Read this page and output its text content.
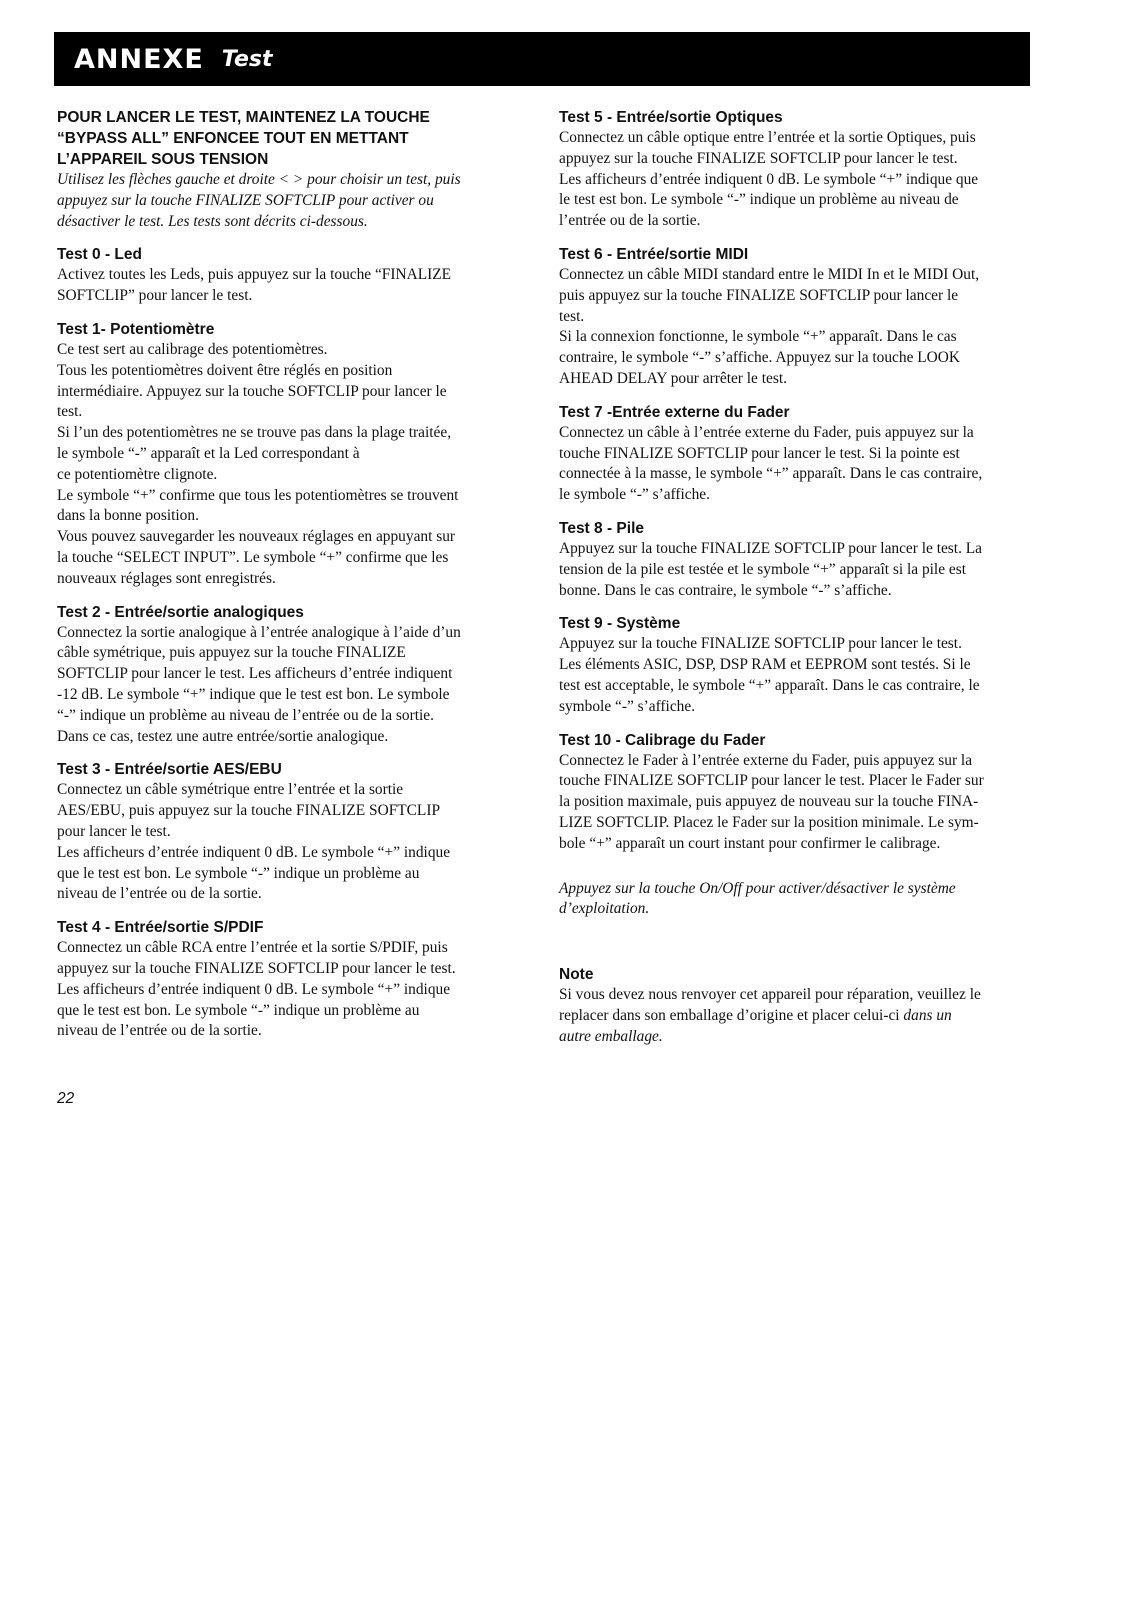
ANNEXE Test
POUR LANCER LE TEST, MAINTENEZ LA TOUCHE
“BYPASS ALL” ENFONCEE TOUT EN METTANT
L’APPAREIL SOUS TENSION

Utilisez les flèches gauche et droite < > pour choisir un test, puis
appuyez sur la touche FINALIZE SOFTCLIP pour activer ou
désactiver le test. Les tests sont décrits ci-dessous.

Test 0 - Led

Activez toutes les Leds, puis appuyez sur la touche “FINALIZE
SOFTCLIP” pour lancer le test.

Test 1- Potentiomètre

Ce test sert au calibrage des potentiomètres.
Tous les potentiomètres doivent être réglés en position
intermédiaire. Appuyez sur la touche SOFTCLIP pour lancer le
test.
Si l’un des potentiomètres ne se trouve pas dans la plage traitée,
le symbole “-” apparaît et la Led correspondant à
ce potentiomètre clignote.
Le symbole “+” confirme que tous les potentiomètres se trouvent
dans la bonne position.
Vous pouvez sauvegarder les nouveaux réglages en appuyant sur
la touche “SELECT INPUT”. Le symbole “+” confirme que les
nouveaux réglages sont enregistrés.

Test 2 - Entrée/sortie analogiques

Connectez la sortie analogique à l’entrée analogique à l’aide d’un
câble symétrique, puis appuyez sur la touche FINALIZE
SOFTCLIP pour lancer le test. Les afficheurs d’entrée indiquent
-12 dB. Le symbole “+” indique que le test est bon. Le symbole
“-” indique un problème au niveau de l’entrée ou de la sortie.
Dans ce cas, testez une autre entrée/sortie analogique.

Test 3 - Entrée/sortie AES/EBU

Connectez un câble symétrique entre l’entrée et la sortie
AES/EBU, puis appuyez sur la touche FINALIZE SOFTCLIP
pour lancer le test.
Les afficheurs d’entrée indiquent 0 dB. Le symbole “+” indique
que le test est bon. Le symbole “-” indique un problème au
niveau de l’entrée ou de la sortie.

Test 4 - Entrée/sortie S/PDIF

Connectez un câble RCA entre l’entrée et la sortie S/PDIF, puis
appuyez sur la touche FINALIZE SOFTCLIP pour lancer le test.
Les afficheurs d’entrée indiquent 0 dB. Le symbole “+” indique
que le test est bon. Le symbole “-” indique un problème au
niveau de l’entrée ou de la sortie.

Test 5 - Entrée/sortie Optiques

Connectez un câble optique entre l’entrée et la sortie Optiques, puis
appuyez sur la touche FINALIZE SOFTCLIP pour lancer le test.
Les afficheurs d’entrée indiquent 0 dB. Le symbole “+” indique que
le test est bon. Le symbole “-” indique un problème au niveau de
l’entrée ou de la sortie.

Test 6 - Entrée/sortie MIDI

Connectez un câble MIDI standard entre le MIDI In et le MIDI Out,
puis appuyez sur la touche FINALIZE SOFTCLIP pour lancer le
test.
Si la connexion fonctionne, le symbole “+” apparaît. Dans le cas
contraire, le symbole “-” s’affiche. Appuyez sur la touche LOOK
AHEAD DELAY pour arrêter le test.

Test 7 -Entrée externe du Fader

Connectez un câble à l’entrée externe du Fader, puis appuyez sur la
touche FINALIZE SOFTCLIP pour lancer le test. Si la pointe est
connectée à la masse, le symbole “+” apparaît. Dans le cas contraire,
le symbole “-” s’affiche.

Test 8 - Pile

Appuyez sur la touche FINALIZE SOFTCLIP pour lancer le test. La
tension de la pile est testée et le symbole “+” apparaît si la pile est
bonne. Dans le cas contraire, le symbole “-” s’affiche.

Test 9 - Système

Appuyez sur la touche FINALIZE SOFTCLIP pour lancer le test.
Les éléments ASIC, DSP, DSP RAM et EEPROM sont testés. Si le
test est acceptable, le symbole “+” apparaît. Dans le cas contraire, le
symbole “-” s’affiche.

Test 10 - Calibrage du Fader

Connectez le Fader à l’entrée externe du Fader, puis appuyez sur la
touche FINALIZE SOFTCLIP pour lancer le test. Placer le Fader sur
la position maximale, puis appuyez de nouveau sur la touche FINA-
LIZE SOFTCLIP. Placez le Fader sur la position minimale. Le sym-
bole “+” apparaît un court instant pour confirmer le calibrage.

Appuyez sur la touche On/Off pour activer/désactiver le système
d’exploitation.

Note

Si vous devez nous renvoyer cet appareil pour réparation, veuillez le
replacer dans son emballage d’origine et placer celui-ci dans un
autre emballage.

22
